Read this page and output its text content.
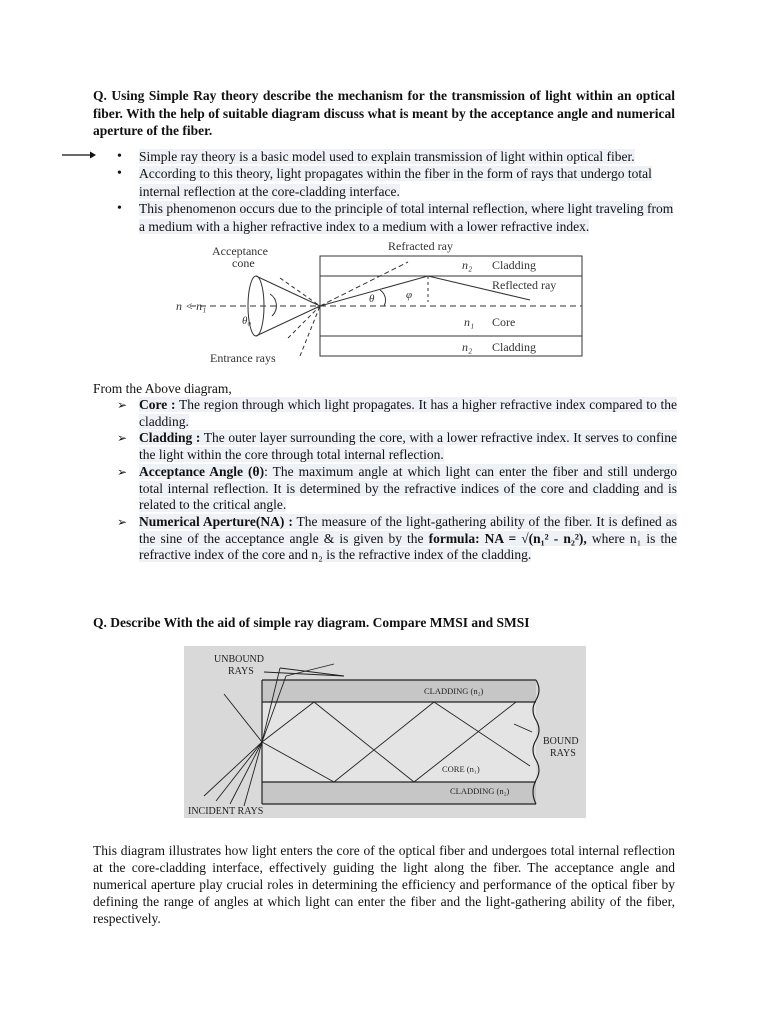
Q. Using Simple Ray theory describe the mechanism for the transmission of light within an optical fiber. With the help of suitable diagram discuss what is meant by the acceptance angle and numerical aperture of the fiber.
• Simple ray theory is a basic model used to explain transmission of light within optical fiber.
• According to this theory, light propagates within the fiber in the form of rays that undergo total internal reflection at the core-cladding interface.
• This phenomenon occurs due to the principle of total internal reflection, where light traveling from a medium with a higher refractive index to a medium with a lower refractive index.
Acceptance
cone
Refracted ray
n₂ Cladding
Reflected ray
n < n₁
θ₀
θ	φ
n₁ Core
n₂ Cladding
Entrance rays
From the Above diagram,
➢ Core : The region through which light propagates. It has a higher refractive index compared to the cladding.
➢ Cladding : The outer layer surrounding the core, with a lower refractive index. It serves to confine the light within the core through total internal reflection.
➢ Acceptance Angle (θ): The maximum angle at which light can enter the fiber and still undergo total internal reflection. It is determined by the refractive indices of the core and cladding and is related to the critical angle.
➢ Numerical Aperture(NA) : The measure of the light-gathering ability of the fiber. It is defined as the sine of the acceptance angle & is given by the formula: NA = √(n₁² - n₂²), where n₁ is the refractive index of the core and n₂ is the refractive index of the cladding.
Q. Describe With the aid of simple ray diagram. Compare MMSI and SMSI
UNBOUND
RAYS
CLADDING (n₂)
BOUND
RAYS
CORE (n₁)
CLADDING (n₂)
INCIDENT RAYS
This diagram illustrates how light enters the core of the optical fiber and undergoes total internal reflection at the core-cladding interface, effectively guiding the light along the fiber. The acceptance angle and numerical aperture play crucial roles in determining the efficiency and performance of the optical fiber by defining the range of angles at which light can enter the fiber and the light-gathering ability of the fiber, respectively.
